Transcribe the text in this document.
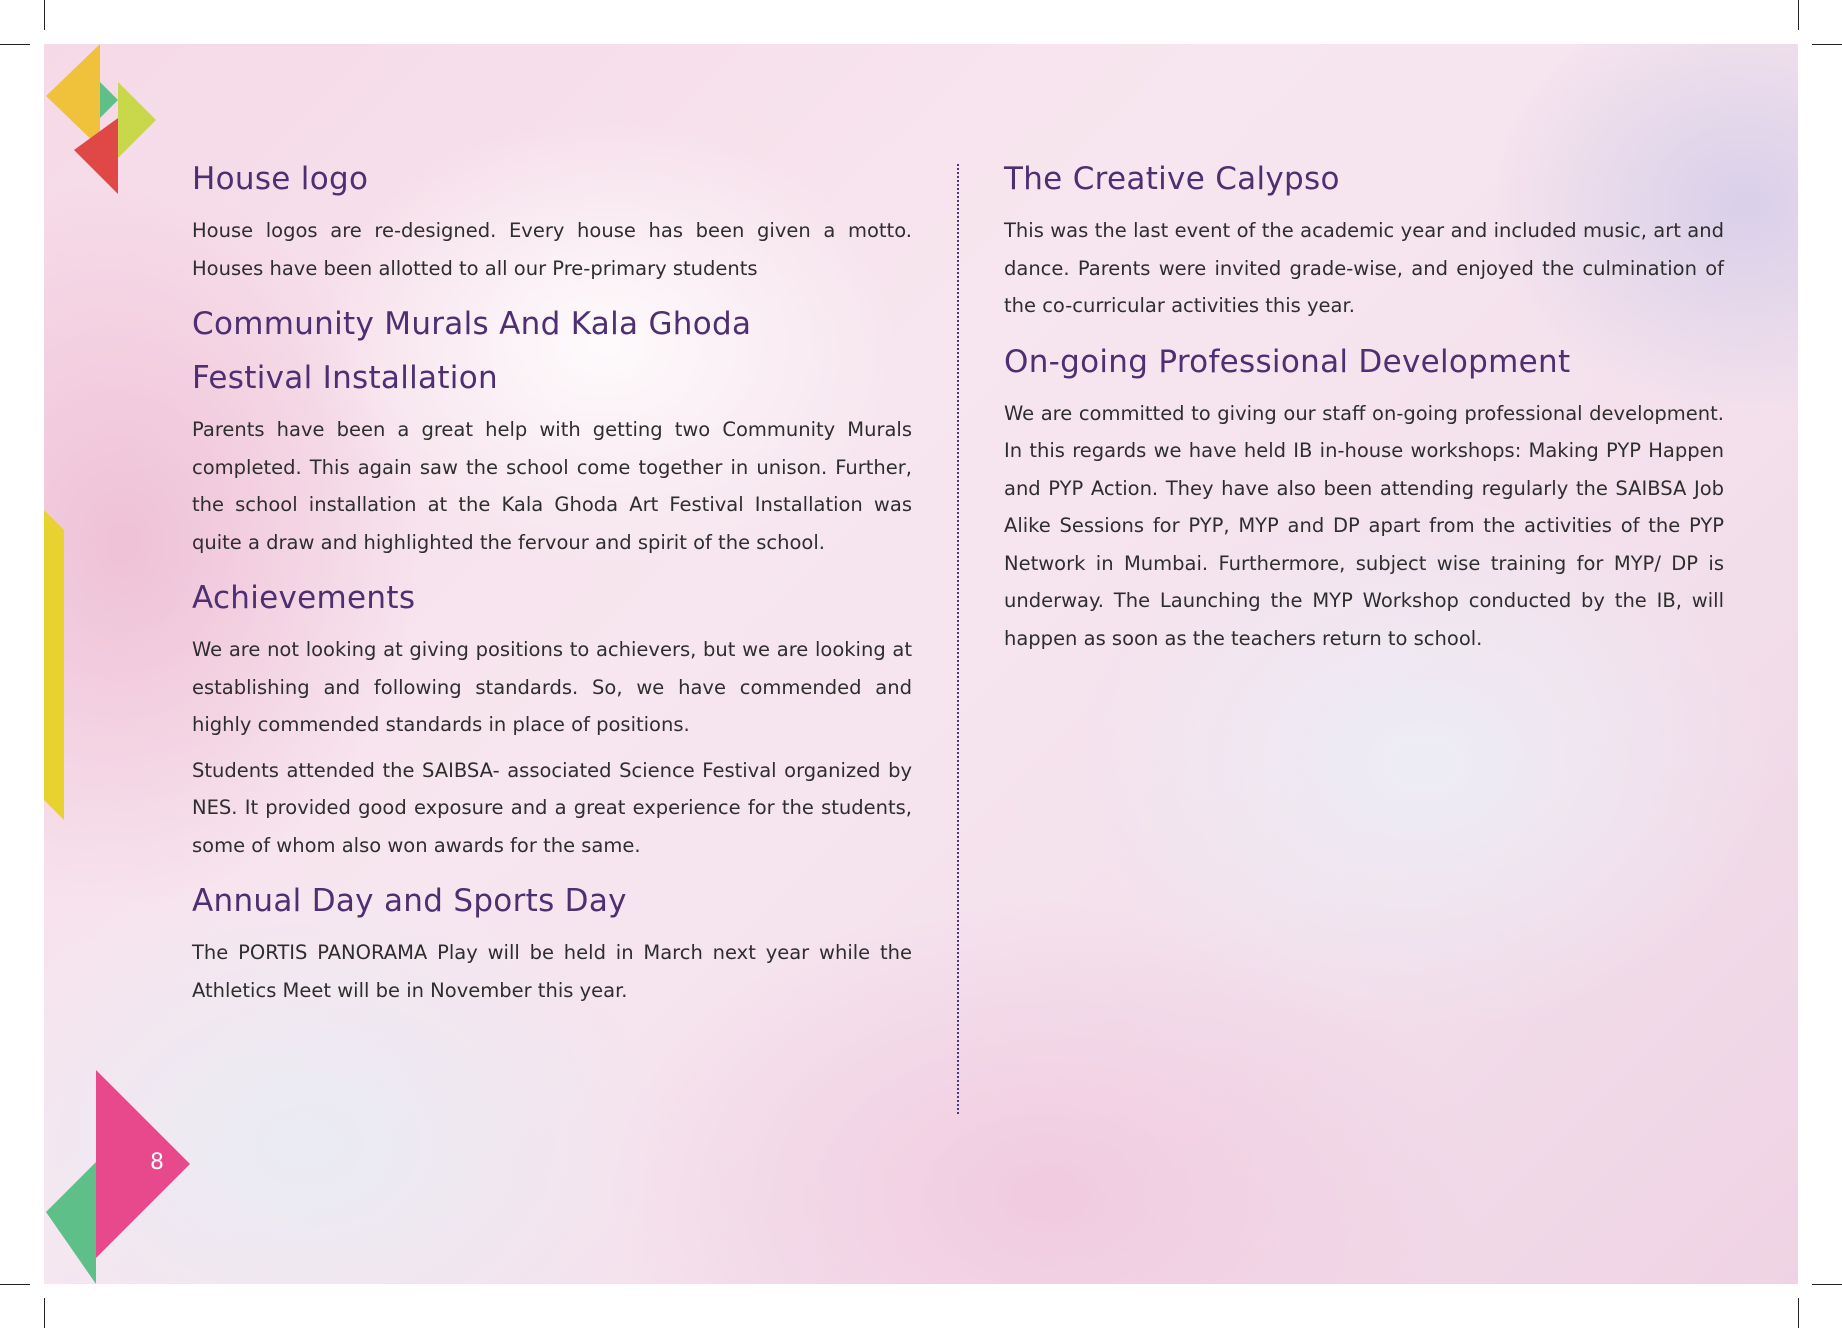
8
House logo

House logos are re-designed. Every house has been given a motto. Houses have been allotted to all our Pre-primary students

Community Murals And Kala Ghoda Festival Installation

Parents have been a great help with getting two Community Murals completed. This again saw the school come together in unison. Further, the school installation at the Kala Ghoda Art Festival Installation was quite a draw and highlighted the fervour and spirit of the school.

Achievements

We are not looking at giving positions to achievers, but we are looking at establishing and following standards. So, we have commended and highly commended standards in place of positions.

Students attended the SAIBSA- associated Science Festival organized by NES. It provided good exposure and a great experience for the students, some of whom also won awards for the same.

Annual Day and Sports Day

The PORTIS PANORAMA Play will be held in March next year while the Athletics Meet will be in November this year.

The Creative Calypso

This was the last event of the academic year and included music, art and dance. Parents were invited grade-wise, and enjoyed the culmination of the co-curricular activities this year.

On-going Professional Development

We are committed to giving our staff on-going professional development. In this regards we have held IB in-house workshops: Making PYP Happen and PYP Action. They have also been attending regularly the SAIBSA Job Alike Sessions for PYP, MYP and DP apart from the activities of the PYP Network in Mumbai. Furthermore, subject wise training for MYP/ DP is underway. The Launching the MYP Workshop conducted by the IB, will happen as soon as the teachers return to school.
